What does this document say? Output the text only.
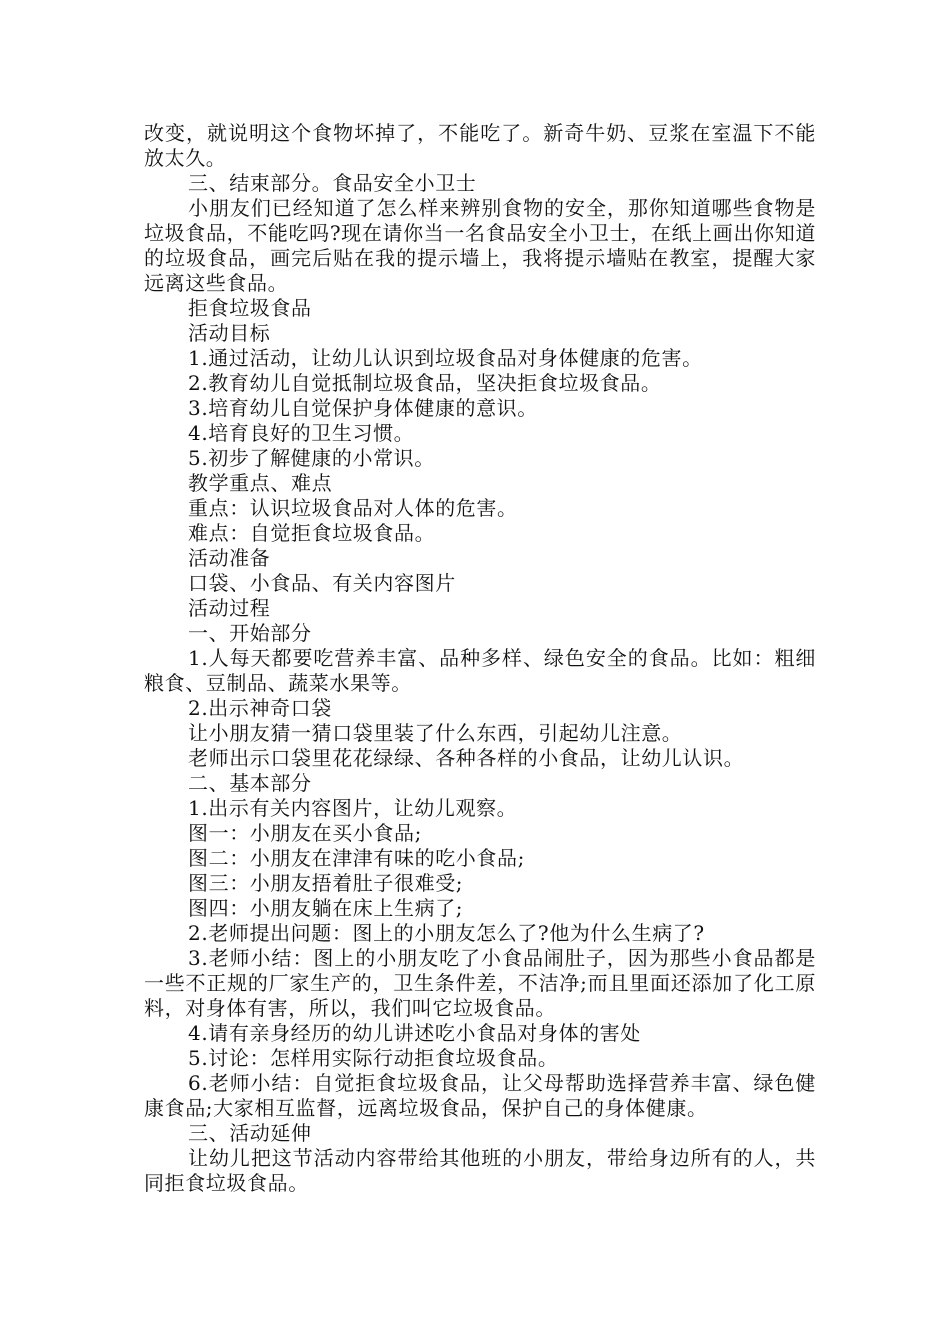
改变，就说明这个食物坏掉了，不能吃了。新奇牛奶、豆浆在室温下不能放太久。

三、结束部分。食品安全小卫士

小朋友们已经知道了怎么样来辨别食物的安全，那你知道哪些食物是垃圾食品，不能吃吗?现在请你当一名食品安全小卫士，在纸上画出你知道的垃圾食品，画完后贴在我的提示墙上，我将提示墙贴在教室，提醒大家远离这些食品。

拒食垃圾食品

活动目标

1.通过活动，让幼儿认识到垃圾食品对身体健康的危害。

2.教育幼儿自觉抵制垃圾食品，坚决拒食垃圾食品。

3.培育幼儿自觉保护身体健康的意识。

4.培育良好的卫生习惯。

5.初步了解健康的小常识。

教学重点、难点

重点：认识垃圾食品对人体的危害。

难点：自觉拒食垃圾食品。

活动准备

口袋、小食品、有关内容图片

活动过程

一、开始部分

1.人每天都要吃营养丰富、品种多样、绿色安全的食品。比如：粗细粮食、豆制品、蔬菜水果等。

2.出示神奇口袋

让小朋友猜一猜口袋里装了什么东西，引起幼儿注意。

老师出示口袋里花花绿绿、各种各样的小食品，让幼儿认识。

二、基本部分

1.出示有关内容图片，让幼儿观察。

图一：小朋友在买小食品;

图二：小朋友在津津有味的吃小食品;

图三：小朋友捂着肚子很难受;

图四：小朋友躺在床上生病了;

2.老师提出问题：图上的小朋友怎么了?他为什么生病了?

3.老师小结：图上的小朋友吃了小食品闹肚子，因为那些小食品都是一些不正规的厂家生产的，卫生条件差，不洁净;而且里面还添加了化工原料，对身体有害，所以，我们叫它垃圾食品。

4.请有亲身经历的幼儿讲述吃小食品对身体的害处

5.讨论：怎样用实际行动拒食垃圾食品。

6.老师小结：自觉拒食垃圾食品，让父母帮助选择营养丰富、绿色健康食品;大家相互监督，远离垃圾食品，保护自己的身体健康。

三、活动延伸

让幼儿把这节活动内容带给其他班的小朋友，带给身边所有的人，共同拒食垃圾食品。
